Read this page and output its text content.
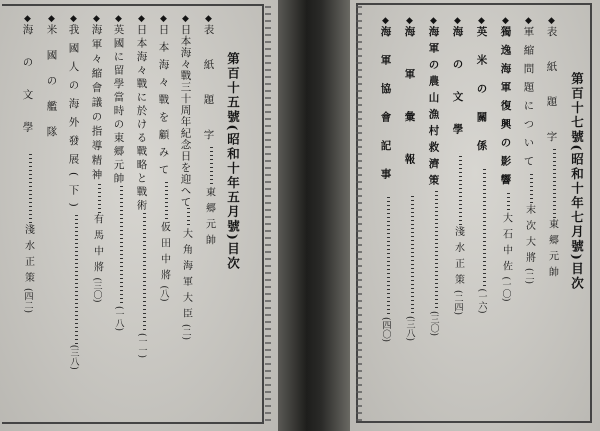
第百十五號(昭和十年五月號)目次
◆表　紙　題　字東郷元帥
◆日本海々戰三十周年紀念日を迎へて大角海軍大臣(二)
◆日本海々戰を顧みて仮田中將(八)
◆日本海々戰に於ける戰略と戰術(一一)
◆英國に留學當時の東郷元帥(一八)
◆海軍々縮會議の指導精神有馬中將(三〇)
◆我國人の海外發展(下)(三八)
◆米國の艦隊
◆海の文學淺水正策(四二)
第百十七號(昭和十年七月號)目次
◆表　紙　題　字東郷元帥
◆軍縮問題について末次大將(二)
◆獨逸海軍復興の影響大石中佐(一〇)
◆英米の關係(一六)
◆海の文學淺水正策(二四)
◆海軍の農山漁村救濟策(三〇)
◆海軍彙報(三八)
◆海軍協會記事(四〇)
